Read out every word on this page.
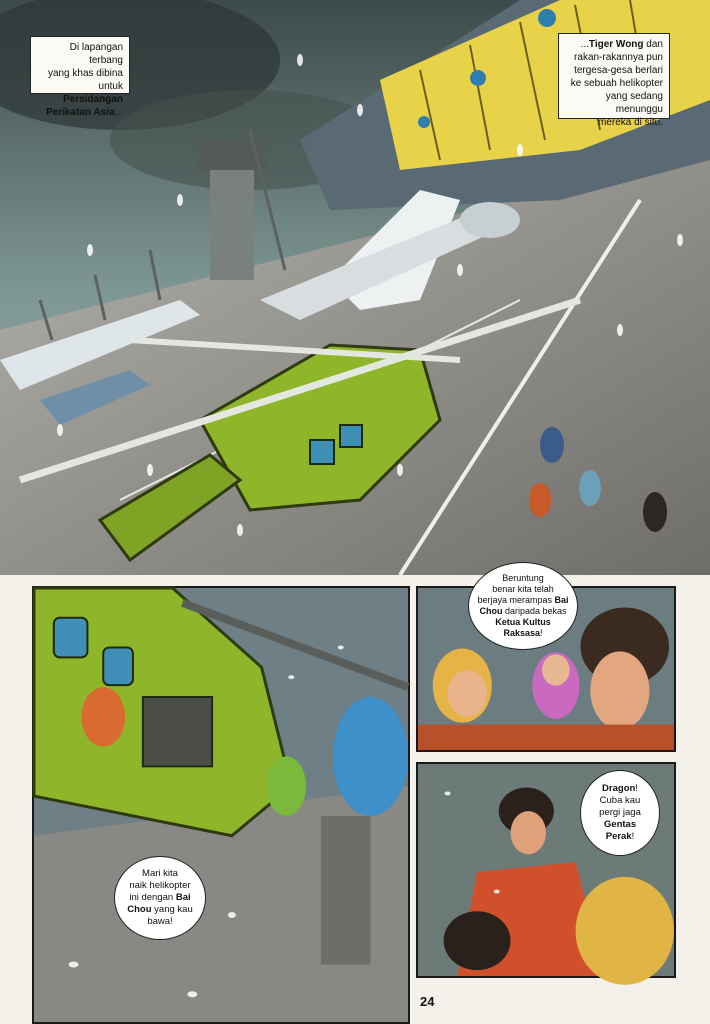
Di lapangan terbang
yang khas dibina
untuk Persidangan
Perikatan Asia...
...Tiger Wong dan
rakan-rakannya pun
tergesa-gesa berlari
ke sebuah helikopter
yang sedang menunggu
mereka di situ.
Mari kita
naik helikopter
ini dengan Bai
Chou yang kau
bawa!
Beruntung
benar kita telah
berjaya merampas Bai
Chou daripada bekas
Ketua Kultus
Raksasa!
Dragon!
Cuba kau
pergi jaga
Gentas
Perak!
24
